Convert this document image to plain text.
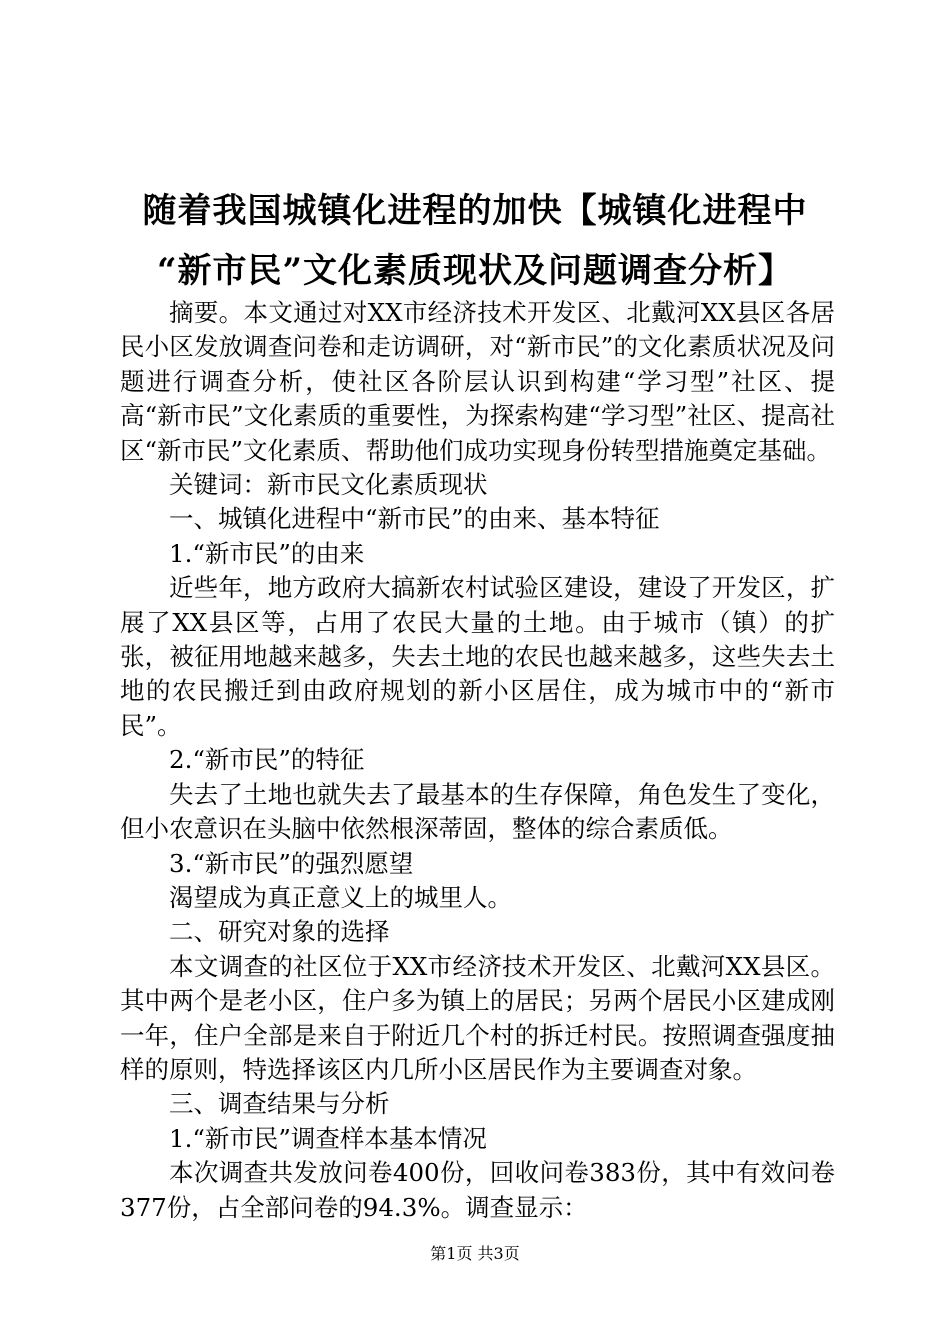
随着我国城镇化进程的加快【城镇化进程中
“新市民”文化素质现状及问题调查分析】

摘要。本文通过对XX市经济技术开发区、北戴河XX县区各居民小区发放调查问卷和走访调研，对“新市民”的文化素质状况及问题进行调查分析，使社区各阶层认识到构建“学习型”社区、提高“新市民”文化素质的重要性，为探索构建“学习型”社区、提高社区“新市民”文化素质、帮助他们成功实现身份转型措施奠定基础。

关键词：新市民文化素质现状

一、城镇化进程中“新市民”的由来、基本特征

1.“新市民”的由来

近些年，地方政府大搞新农村试验区建设，建设了开发区，扩展了XX县区等，占用了农民大量的土地。由于城市（镇）的扩张，被征用地越来越多，失去土地的农民也越来越多，这些失去土地的农民搬迁到由政府规划的新小区居住，成为城市中的“新市民”。

2.“新市民”的特征

失去了土地也就失去了最基本的生存保障，角色发生了变化，但小农意识在头脑中依然根深蒂固，整体的综合素质低。

3.“新市民”的强烈愿望

渴望成为真正意义上的城里人。

二、研究对象的选择

本文调查的社区位于XX市经济技术开发区、北戴河XX县区。其中两个是老小区，住户多为镇上的居民；另两个居民小区建成刚一年，住户全部是来自于附近几个村的拆迁村民。按照调查强度抽样的原则，特选择该区内几所小区居民作为主要调查对象。

三、调查结果与分析

1.“新市民”调查样本基本情况

本次调查共发放问卷400份，回收问卷383份，其中有效问卷377份，占全部问卷的94.3%。调查显示：

第1页 共3页
